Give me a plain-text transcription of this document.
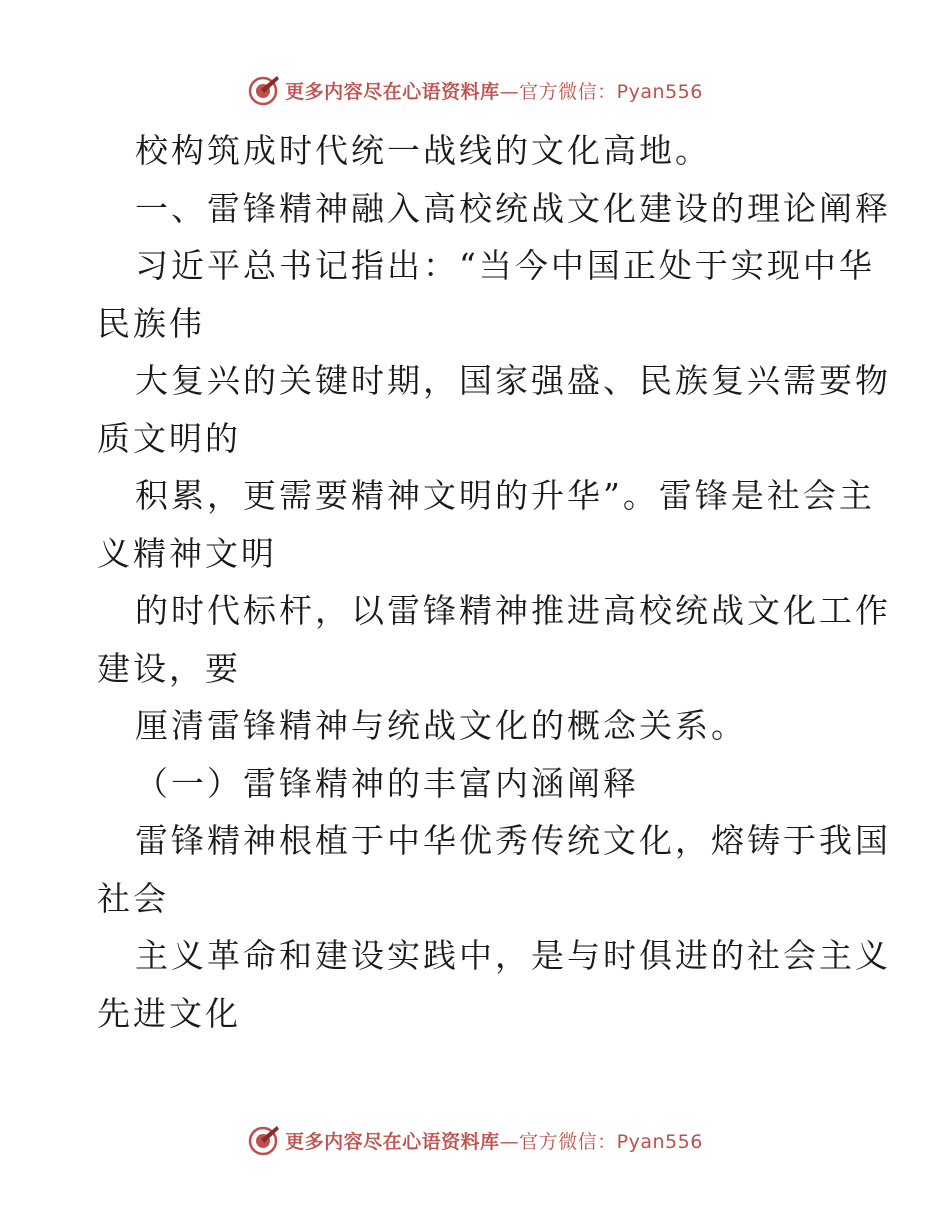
更多内容尽在心语资料库—官方微信：Pyan556
校构筑成时代统一战线的文化高地。
一、雷锋精神融入高校统战文化建设的理论阐释
习近平总书记指出：“当今中国正处于实现中华
民族伟
大复兴的关键时期，国家强盛、民族复兴需要物
质文明的
积累，更需要精神文明的升华”。雷锋是社会主
义精神文明
的时代标杆，以雷锋精神推进高校统战文化工作
建设，要
厘清雷锋精神与统战文化的概念关系。
（一）雷锋精神的丰富内涵阐释
雷锋精神根植于中华优秀传统文化，熔铸于我国
社会
主义革命和建设实践中，是与时俱进的社会主义
先进文化
更多内容尽在心语资料库—官方微信：Pyan556
